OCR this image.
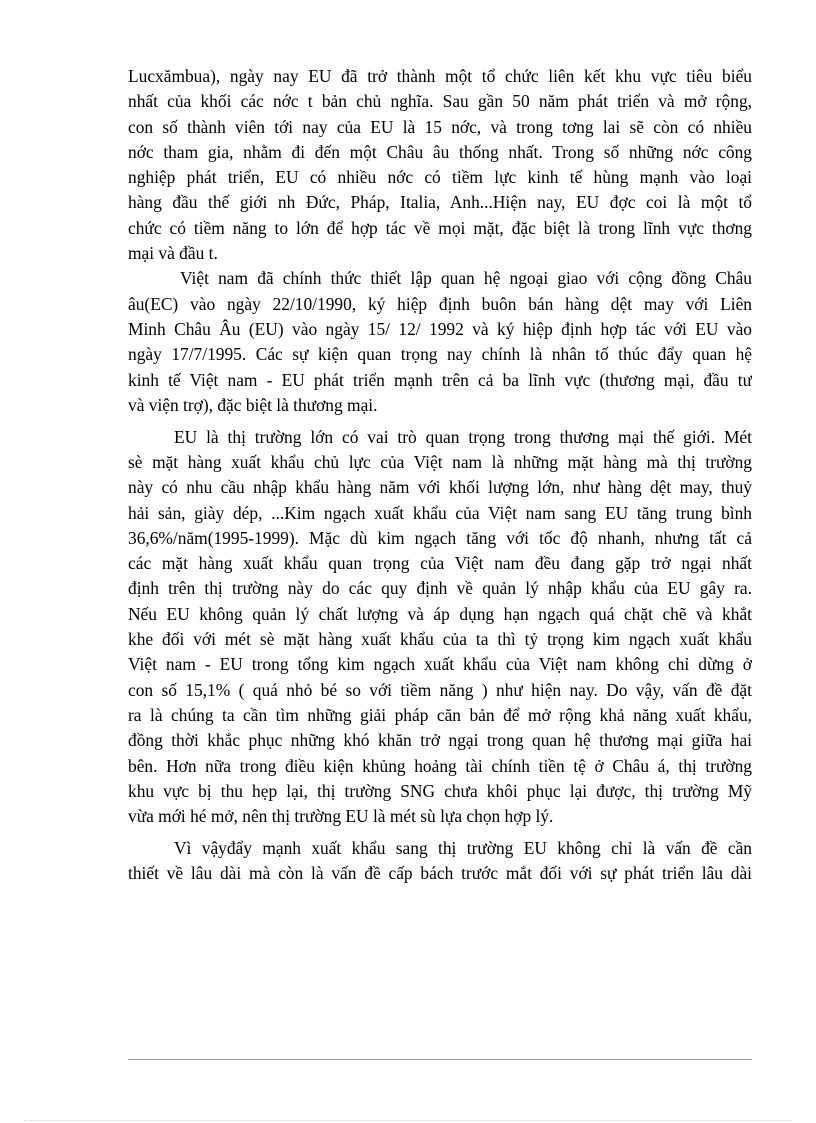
Lucxămbua), ngày nay EU đã trở thành một tổ chức liên kết khu vực tiêu biểu
nhất của khối các nớc t bản chủ nghĩa. Sau gần 50 năm phát triển và mở rộng,
con số thành viên tới nay của EU là 15 nớc, và trong tơng lai sẽ còn có nhiều
nớc tham gia, nhằm đi đến một Châu âu thống nhất. Trong số những nớc công
nghiệp phát triển, EU có nhiều nớc có tiềm lực kinh tế hùng mạnh vào loại
hàng đầu thế giới nh Đức, Pháp, Italia, Anh...Hiện nay, EU đợc coi là một tổ
chức có tiềm năng to lớn để hợp tác về mọi mặt, đặc biệt là trong lĩnh vực thơng
mại và đầu t.
Việt nam đã chính thức thiết lập quan hệ ngoại giao với cộng đồng Châu
âu(EC) vào ngày 22/10/1990, ký hiệp định buôn bán hàng dệt may với Liên
Minh Châu Âu (EU) vào ngày 15/ 12/ 1992 và ký hiệp định hợp tác với EU vào
ngày 17/7/1995. Các sự kiện quan trọng nay chính là nhân tố thúc đẩy quan hệ
kinh tế Việt nam - EU phát triển mạnh trên cả ba lĩnh vực (thương mại, đầu tư
và viện trợ), đặc biệt là thương mại.
EU là thị trường lớn có vai trò quan trọng trong thương mại thế giới. Mét
sè mặt hàng xuất khẩu chủ lực của Việt nam là những mặt hàng mà thị trường
này có nhu cầu nhập khẩu hàng năm với khối lượng lớn, như hàng dệt may, thuỷ
hải sản, giày dép, ...Kim ngạch xuất khẩu của Việt nam sang EU tăng trung bình
36,6%/năm(1995-1999). Mặc dù kim ngạch tăng với tốc độ nhanh, nhưng tất cả
các mặt hàng xuất khẩu quan trọng của Việt nam đều đang gặp trở ngại nhất
định trên thị trường này do các quy định về quản lý nhập khẩu của EU gây ra.
Nếu EU không quản lý chất lượng và áp dụng hạn ngạch quá chặt chẽ và khắt
khe đối với mét sè mặt hàng xuất khẩu của ta thì tỷ trọng kim ngạch xuất khẩu
Việt nam - EU trong tổng kim ngạch xuất khẩu của Việt nam không chỉ dừng ở
con số 15,1% ( quá nhỏ bé so với tiềm năng ) như hiện nay. Do vậy, vấn đề đặt
ra là chúng ta cần tìm những giải pháp căn bản để mở rộng khả năng xuất khẩu,
đồng thời khắc phục những khó khăn trở ngại trong quan hệ thương mại giữa hai
bên. Hơn nữa trong điều kiện khủng hoảng tài chính tiền tệ ở Châu á, thị trường
khu vực bị thu hẹp lại, thị trường SNG chưa khôi phục lại được, thị trường Mỹ
vừa mới hé mở, nên thị trường EU là mét sù lựa chọn hợp lý.
Vì vậyđẩy mạnh xuất khẩu sang thị trường EU không chỉ là vấn đề cần
thiết về lâu dài mà còn là vấn đề cấp bách trước mắt đối với sự phát triển lâu dài
